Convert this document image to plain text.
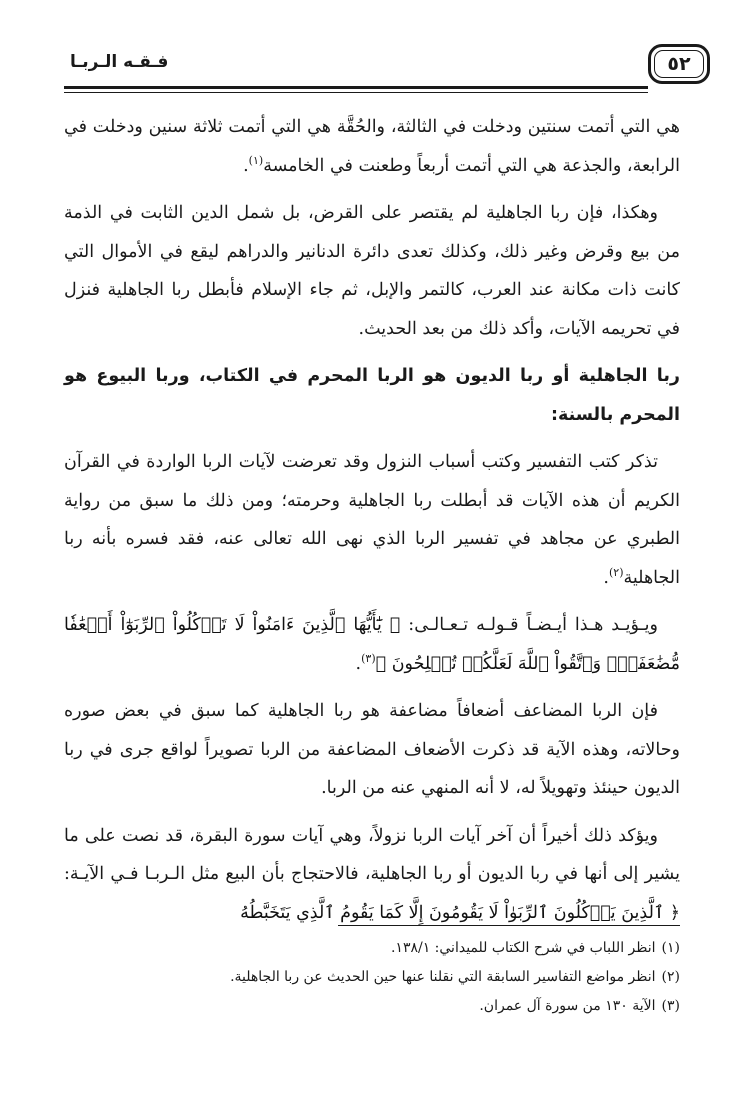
٥٢
فـقـه الـربـا

هي التي أتمت سنتين ودخلت في الثالثة، والحُقَّة هي التي أتمت ثلاثة سنين ودخلت في الرابعة، والجذعة هي التي أتمت أربعاً وطعنت في الخامسة$^{(١)}$.

وهكذا، فإن ربا الجاهلية لم يقتصر على القرض، بل شمل الدين الثابت في الذمة من بيع وقرض وغير ذلك، وكذلك تعدى دائرة الدنانير والدراهم ليقع في الأموال التي كانت ذات مكانة عند العرب، كالتمر والإبل، ثم جاء الإسلام فأبطل ربا الجاهلية فنزل في تحريمه الآيات، وأكد ذلك من بعد الحديث.

ربا الجاهلية أو ربا الديون هو الربا المحرم في الكتاب، وربا البيوع هو المحرم بالسنة:

تذكر كتب التفسير وكتب أسباب النزول وقد تعرضت لآيات الربا الواردة في القرآن الكريم أن هذه الآيات قد أبطلت ربا الجاهلية وحرمته؛ ومن ذلك ما سبق من رواية الطبري عن مجاهد في تفسير الربا الذي نهى الله تعالى عنه، فقد فسره بأنه ربا الجاهلية$^{(٢)}$.

ويـؤيـد هـذا أيـضـاً قـولـه تـعـالـى: ﴿ يَٰٓأَيُّهَا ٱلَّذِينَ ءَامَنُواْ لَا تَأۡكُلُواْ ٱلرِّبَوٰٓاْ أَضۡعَٰفٗا مُّضَٰعَفَةٗۖ وَٱتَّقُواْ ٱللَّهَ لَعَلَّكُمۡ تُفۡلِحُونَ ﴾$^{(٣)}$.

فإن الربا المضاعف أضعافاً مضاعفة هو ربا الجاهلية كما سبق في بعض صوره وحالاته، وهذه الآية قد ذكرت الأضعاف المضاعفة من الربا تصويراً لواقع جرى في ربا الديون حينئذ وتهويلاً له، لا أنه المنهي عنه من الربا.

ويؤكد ذلك أخيراً أن آخر آيات الربا نزولاً، وهي آيات سورة البقرة، قد نصت على ما يشير إلى أنها في ربا الديون أو ربا الجاهلية، فالاحتجاج بأن البيع مثل الـربـا فـي الآيـة: ﴿ ٱلَّذِينَ يَأۡكُلُونَ ٱلرِّبَوٰاْ لَا يَقُومُونَ إِلَّا كَمَا يَقُومُ ٱلَّذِي يَتَخَبَّطُهُ

(١)انظر اللباب في شرح الكتاب للميداني: ١٣٨/١.
(٢)انظر مواضع التفاسير السابقة التي نقلنا عنها حين الحديث عن ربا الجاهلية.
(٣)الآية ١٣٠ من سورة آل عمران.
